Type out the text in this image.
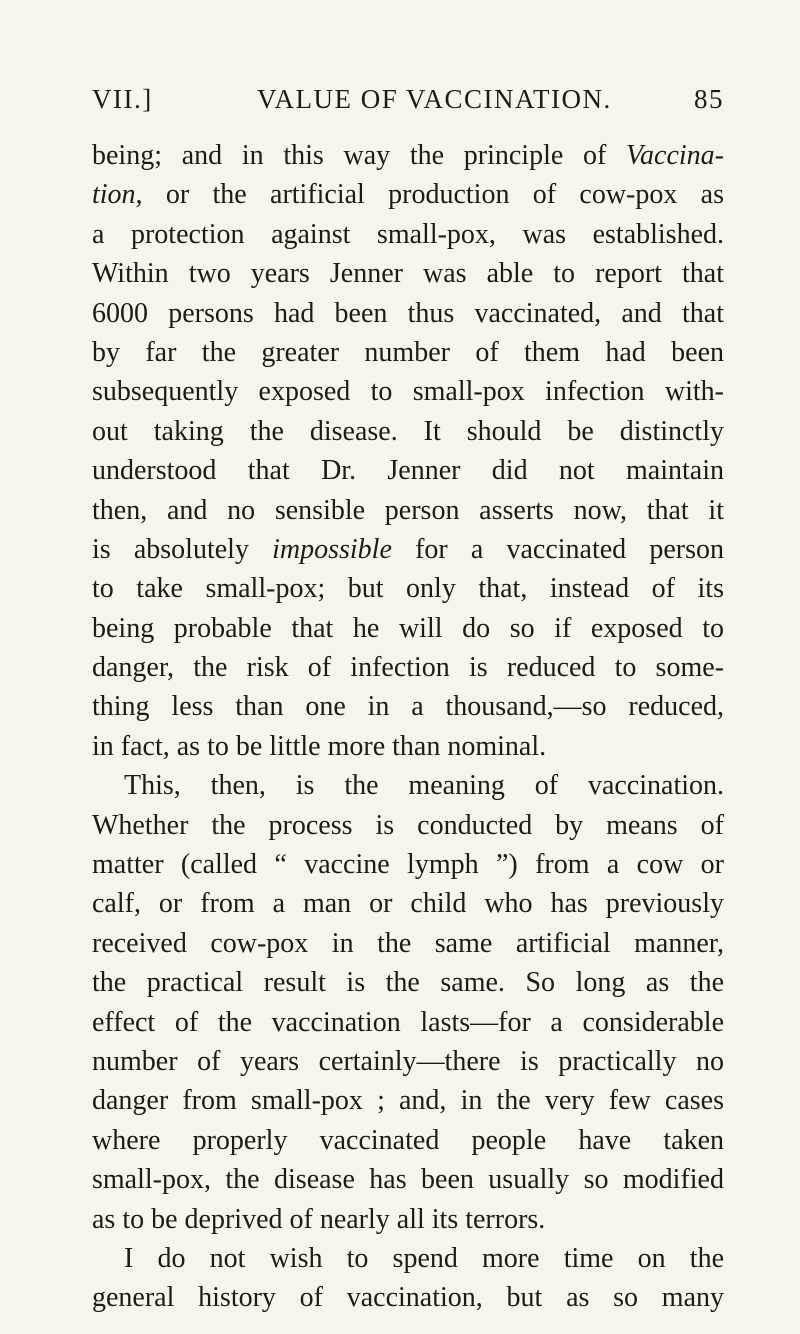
VII.]	VALUE OF VACCINATION.	85
being; and in this way the principle of Vaccina-
tion, or the artificial production of cow-pox as
a protection against small-pox, was established.
Within two years Jenner was able to report that
6000 persons had been thus vaccinated, and that
by far the greater number of them had been
subsequently exposed to small-pox infection with-
out taking the disease. It should be distinctly
understood that Dr. Jenner did not maintain
then, and no sensible person asserts now, that it
is absolutely impossible for a vaccinated person
to take small-pox; but only that, instead of its
being probable that he will do so if exposed to
danger, the risk of infection is reduced to some-
thing less than one in a thousand,—so reduced,
in fact, as to be little more than nominal.
This, then, is the meaning of vaccination.
Whether the process is conducted by means of
matter (called “ vaccine lymph ”) from a cow or
calf, or from a man or child who has previously
received cow-pox in the same artificial manner,
the practical result is the same. So long as the
effect of the vaccination lasts—for a considerable
number of years certainly—there is practically no
danger from small-pox ; and, in the very few cases
where properly vaccinated people have taken
small-pox, the disease has been usually so modified
as to be deprived of nearly all its terrors.
I do not wish to spend more time on the
general history of vaccination, but as so many
